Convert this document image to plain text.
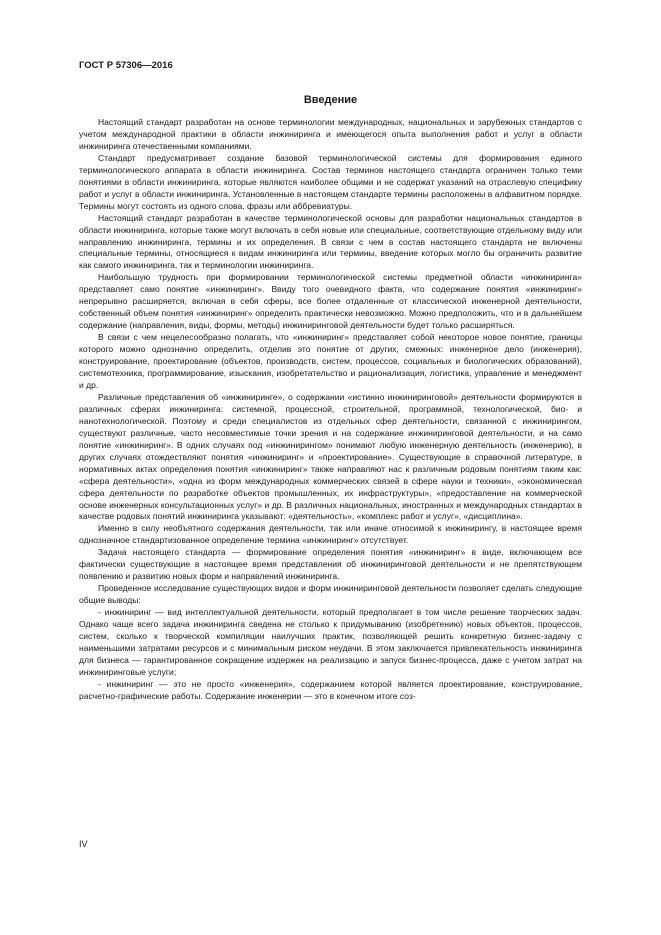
ГОСТ Р 57306—2016
Введение

Настоящий стандарт разработан на основе терминологии международных, национальных и зарубежных стандартов с учетом международной практики в области инжиниринга и имеющегося опыта выполнения работ и услуг в области инжиниринга отечественными компаниями.

Стандарт предусматривает создание базовой терминологической системы для формирования единого терминологического аппарата в области инжиниринга. Состав терминов настоящего стандарта ограничен только теми понятиями в области инжиниринга, которые являются наиболее общими и не содержат указаний на отраслевую специфику работ и услуг в области инжиниринга. Установленные в настоящем стандарте термины расположены в алфавитном порядке. Термины могут состоять из одного слова, фразы или аббревиатуры.

Настоящий стандарт разработан в качестве терминологической основы для разработки национальных стандартов в области инжиниринга, которые также могут включать в себя новые или специальные, соответствующие отдельному виду или направлению инжиниринга, термины и их определения. В связи с чем в состав настоящего стандарта не включены специальные термины, относящиеся к видам инжиниринга или термины, введение которых могло бы ограничить развитие как самого инжиниринга, так и терминологии инжиниринга.

Наибольшую трудность при формировании терминологической системы предметной области «инжиниринга» представляет само понятие «инжиниринг». Ввиду того очевидного факта, что содержание понятия «инжиниринг» непрерывно расширяется, включая в себя сферы, все более отдаленные от классической инженерной деятельности, собственный объем понятия «инжиниринг» определить практически невозможно. Можно предположить, что и в дальнейшем содержание (направления, виды, формы, методы) инжиниринговой деятельности будет только расширяться.

В связи с чем нецелесообразно полагать, что «инжиниринг» представляет собой некоторое новое понятие, границы которого можно однозначно определить, отделив это понятие от других, смежных: инженерное дело (инженерия), конструирование, проектирование (объектов, производств, систем, процессов, социальных и биологических образований), системотехника, программирование, изыскания, изобретательство и рационализация, логистика, управление и менеджмент и др.

Различные представления об «инжиниринге», о содержании «истинно инжиниринговой» деятельности формируются в различных сферах инжиниринга: системной, процессной, строительной, программной, технологической, био- и нанотехнологической. Поэтому и среди специалистов из отдельных сфер деятельности, связанной с инжинирингом, существуют различные, часто несовместимые точки зрения и на содержание инжиниринговой деятельности, и на само понятие «инжиниринг». В одних случаях под «инжинирингом» понимают любую инженерную деятельность (инженерию), в других случаях отождествляют понятия «инжиниринг» и «проектирование». Существующие в справочной литературе, в нормативных актах определения понятия «инжиниринг» также направляют нас к различным родовым понятиям таким как: «сфера деятельности», «одна из форм международных коммерческих связей в сфере науки и техники», «экономическая сфера деятельности по разработке объектов промышленных, их инфраструктуры», «предоставление на коммерческой основе инженерных консультационных услуг» и др. В различных национальных, иностранных и международных стандартах в качестве родовых понятий инжиниринга указывают: «деятельность», «комплекс работ и услуг», «дисциплина».

Именно в силу необъятного содержания деятельности, так или иначе относимой к инжинирингу, в настоящее время однозначное стандартизованное определение термина «инжиниринг» отсутствует.

Задача настоящего стандарта — формирование определения понятия «инжиниринг» в виде, включающем все фактически существующие в настоящее время представления об инжиниринговой деятельности и не препятствующем появлению и развитию новых форм и направлений инжиниринга.

Проведенное исследование существующих видов и форм инжиниринговой деятельности позволяет сделать следующие общие выводы:

- инжиниринг — вид интеллектуальной деятельности, который предполагает в том числе решение творческих задач. Однако чаще всего задача инжиниринга сведена не столько к придумыванию (изобретению) новых объектов, процессов, систем, сколько к творческой компиляции наилучших практик, позволяющей решить конкретную бизнес-задачу с наименьшими затратами ресурсов и с минимальным риском неудачи. В этом заключается привлекательность инжиниринга для бизнеса — гарантированное сокращение издержек на реализацию и запуск бизнес-процесса, даже с учетом затрат на инжиниринговые услуги;

- инжиниринг — это не просто «инженерия», содержанием которой является проектирование, конструирование, расчетно-графические работы. Содержание инженерии — это в конечном итоге соз-

IV
